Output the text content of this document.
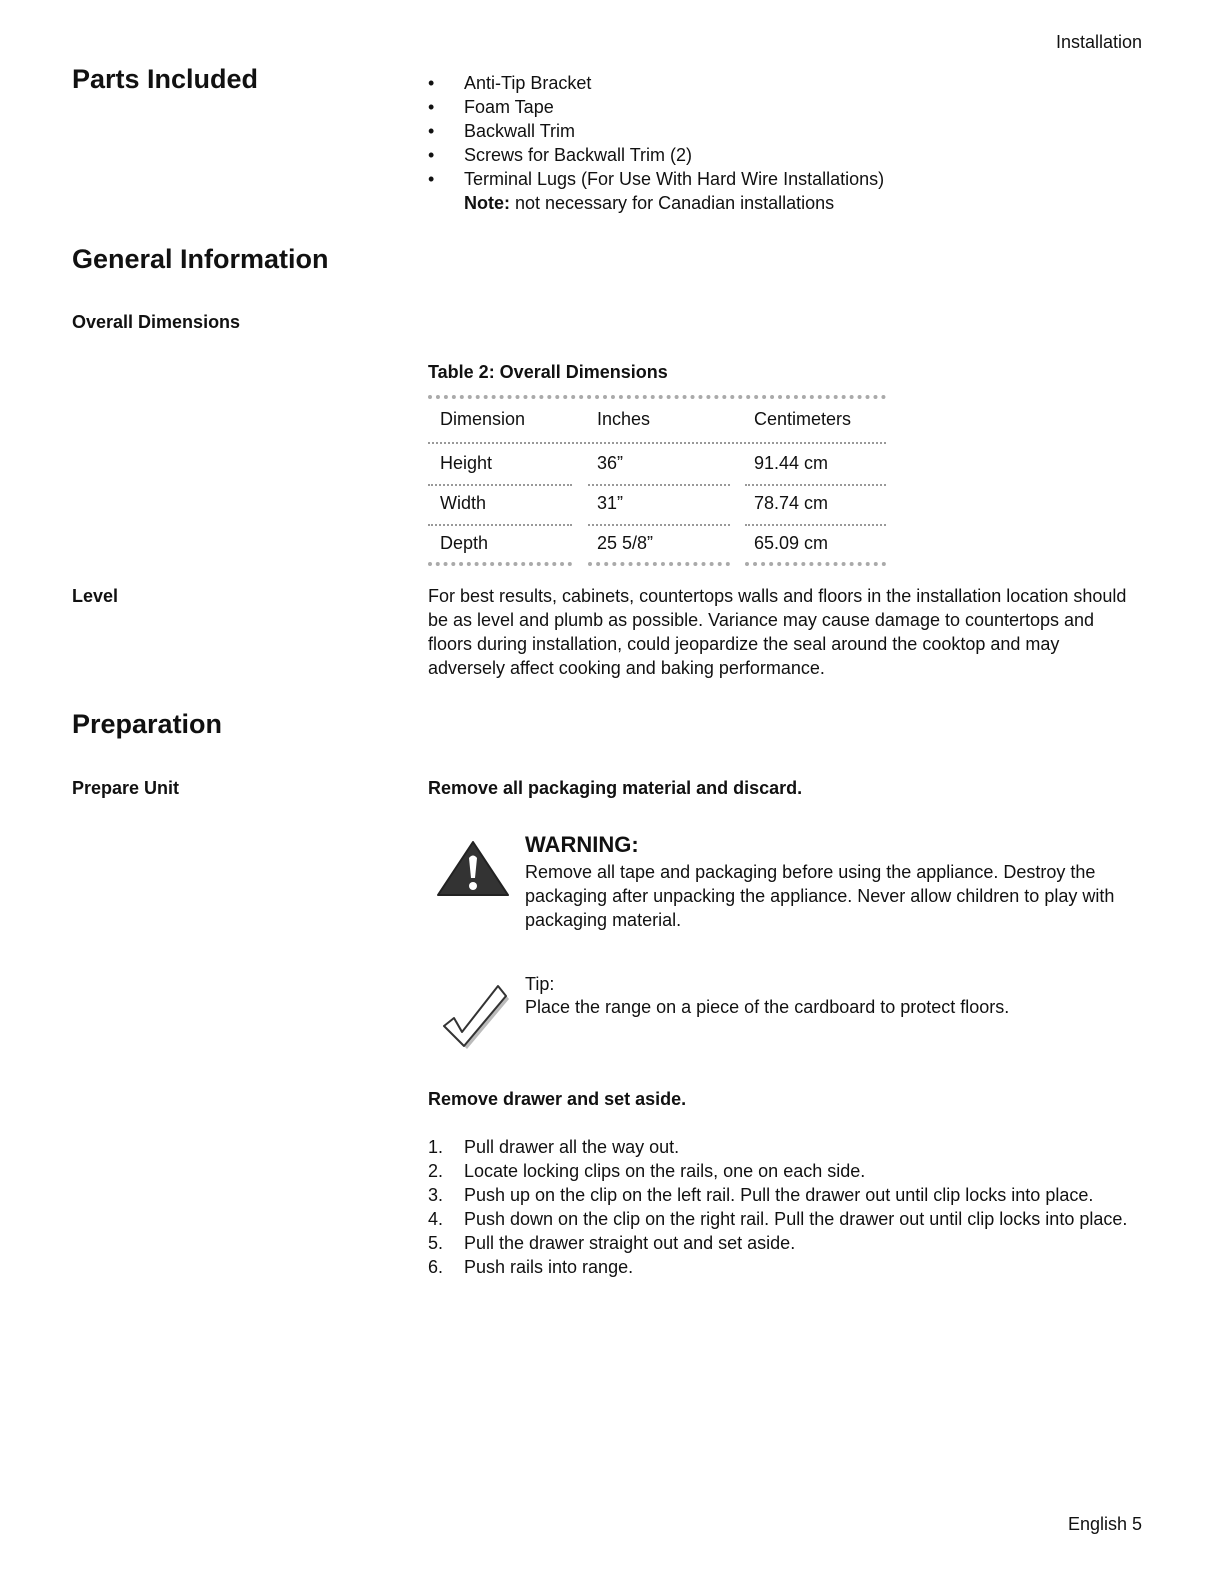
Installation
Parts Included	• Anti-Tip Bracket
• Foam Tape
• Backwall Trim
• Screws for Backwall Trim (2)
• Terminal Lugs (For Use With Hard Wire Installations)
Note: not necessary for Canadian installations
General Information
Overall Dimensions
Table 2: Overall Dimensions
Dimension	Inches	Centimeters
Height	36”	91.44 cm
Width	31”	78.74 cm
Depth	25 5/8”	65.09 cm
Level	For best results, cabinets, countertops walls and floors in the installation location should be as level and plumb as possible. Variance may cause damage to countertops and floors during installation, could jeopardize the seal around the cooktop and may adversely affect cooking and baking performance.
Preparation
Prepare Unit	Remove all packaging material and discard.
WARNING:
Remove all tape and packaging before using the appliance. Destroy the packaging after unpacking the appliance. Never allow children to play with packaging material.
Tip:
Place the range on a piece of the cardboard to protect floors.
Remove drawer and set aside.
1. Pull drawer all the way out.
2. Locate locking clips on the rails, one on each side.
3. Push up on the clip on the left rail. Pull the drawer out until clip locks into place.
4. Push down on the clip on the right rail. Pull the drawer out until clip locks into place.
5. Pull the drawer straight out and set aside.
6. Push rails into range.
English 5
